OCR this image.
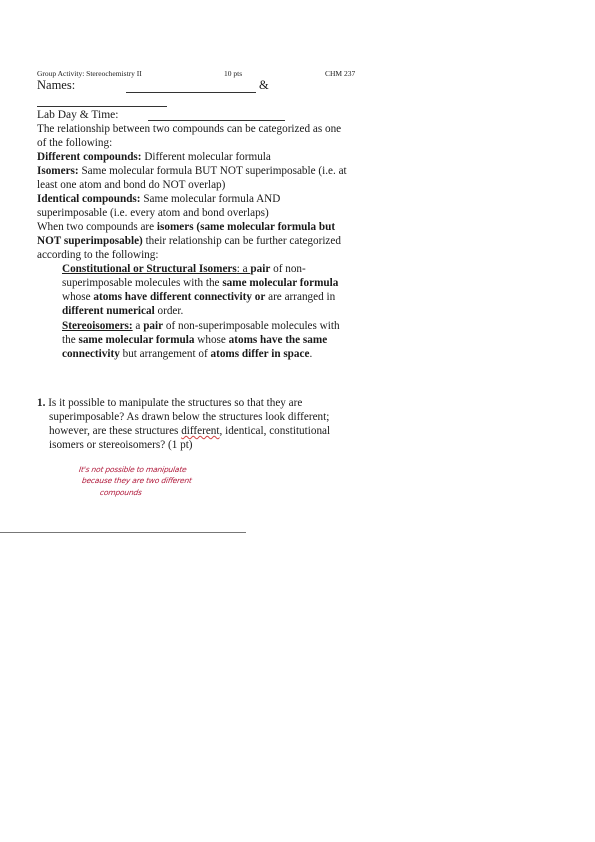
Group Activity: Stereochemistry II	10 pts	CHM 237
Names:	&
Lab Day & Time:
The relationship between two compounds can be categorized as one
of the following:
Different compounds: Different molecular formula
Isomers: Same molecular formula BUT NOT superimposable (i.e. at
least one atom and bond do NOT overlap)
Identical compounds: Same molecular formula AND
superimposable (i.e. every atom and bond overlaps)
When two compounds are isomers (same molecular formula but
NOT superimposable) their relationship can be further categorized
according to the following:
Constitutional or Structural Isomers: a pair of non-
superimposable molecules with the same molecular formula
whose atoms have different connectivity or are arranged in
different numerical order.
Stereoisomers: a pair of non-superimposable molecules with
the same molecular formula whose atoms have the same
connectivity but arrangement of atoms differ in space.
1. Is it possible to manipulate the structures so that they are
superimposable? As drawn below the structures look different;
however, are these structures different, identical, constitutional
isomers or stereoisomers? (1 pt)
It's not possible to manipulate
because they are two different
compounds
